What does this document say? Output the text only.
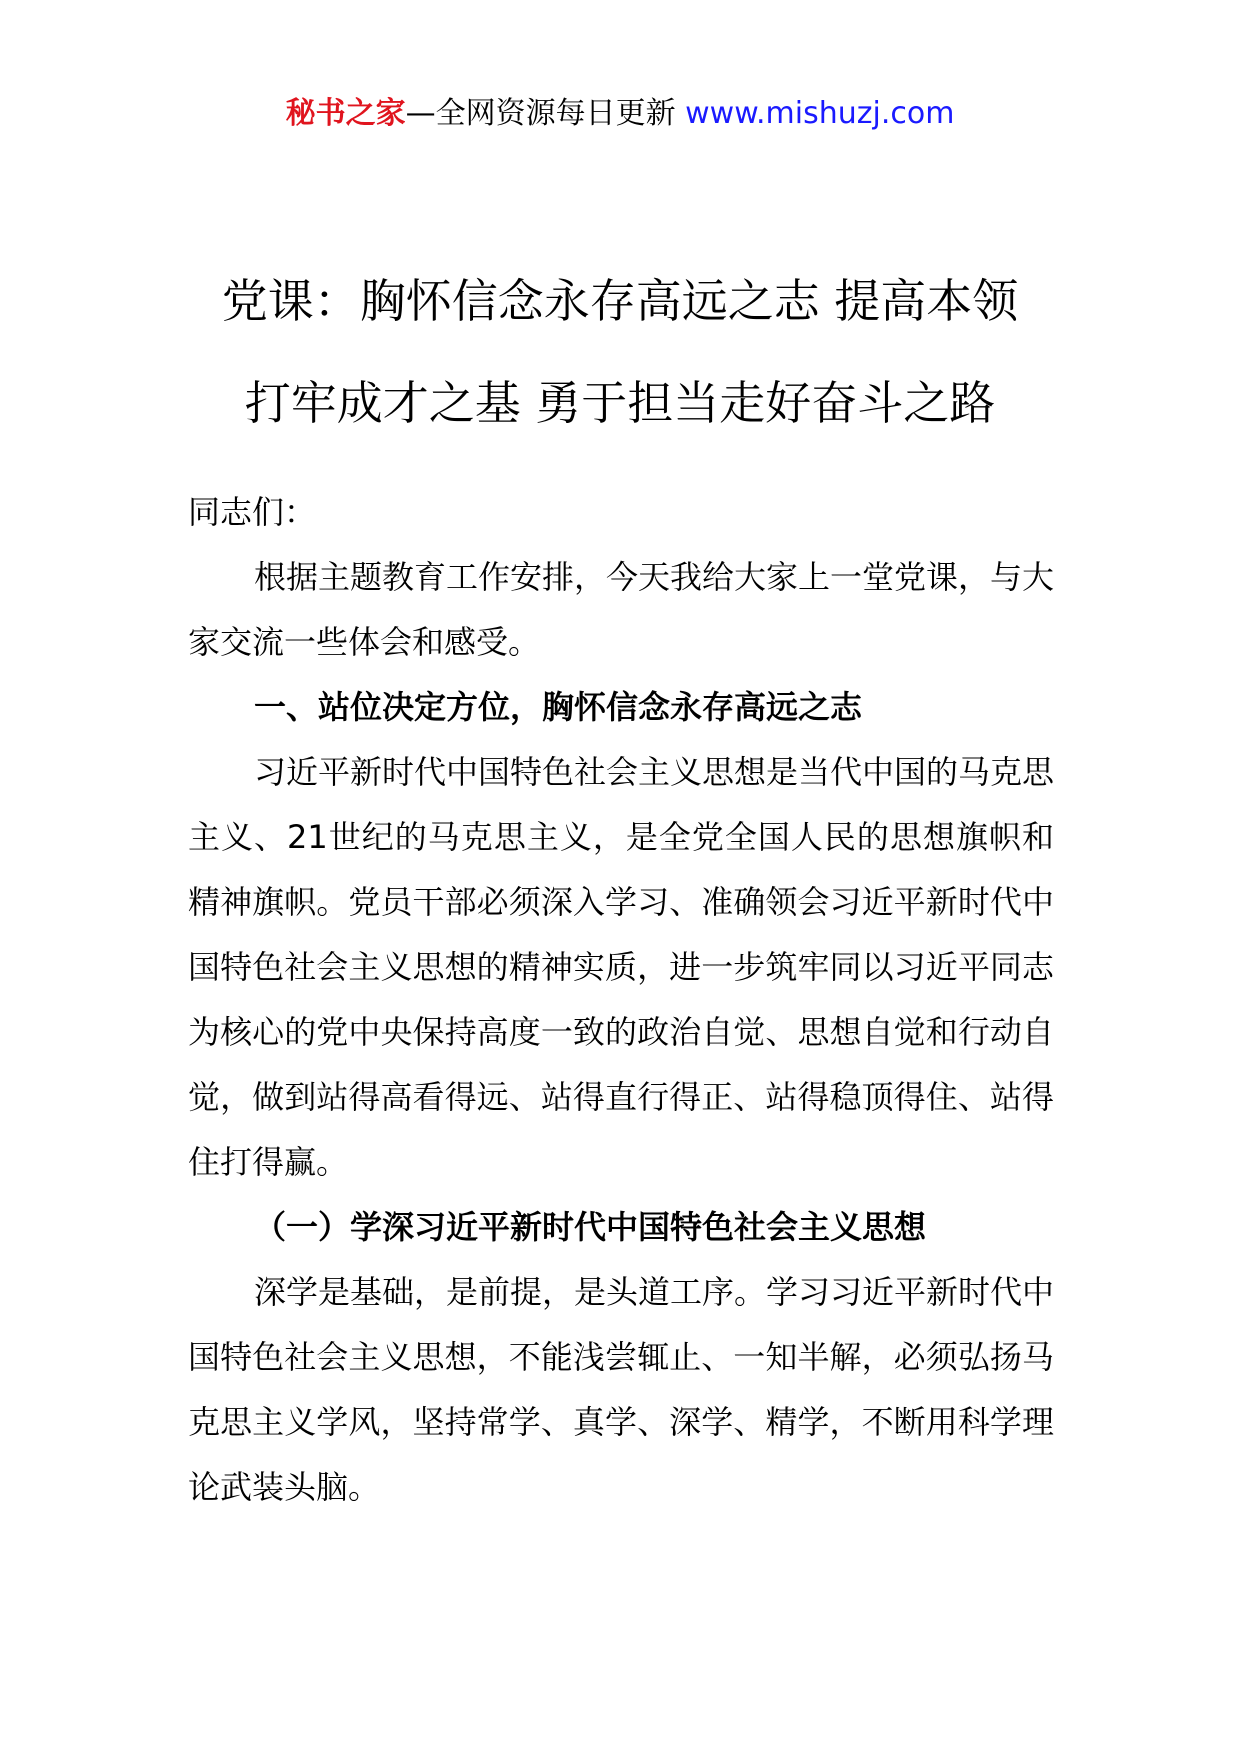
秘书之家—全网资源每日更新 www.mishuzj.com
党课：胸怀信念永存高远之志 提高本领
打牢成才之基 勇于担当走好奋斗之路

同志们：

根据主题教育工作安排，今天我给大家上一堂党课，与大家交流一些体会和感受。

一、站位决定方位，胸怀信念永存高远之志

习近平新时代中国特色社会主义思想是当代中国的马克思主义、21世纪的马克思主义，是全党全国人民的思想旗帜和精神旗帜。党员干部必须深入学习、准确领会习近平新时代中国特色社会主义思想的精神实质，进一步筑牢同以习近平同志为核心的党中央保持高度一致的政治自觉、思想自觉和行动自觉，做到站得高看得远、站得直行得正、站得稳顶得住、站得住打得赢。

（一）学深习近平新时代中国特色社会主义思想

深学是基础，是前提，是头道工序。学习习近平新时代中国特色社会主义思想，不能浅尝辄止、一知半解，必须弘扬马克思主义学风，坚持常学、真学、深学、精学，不断用科学理论武装头脑。
